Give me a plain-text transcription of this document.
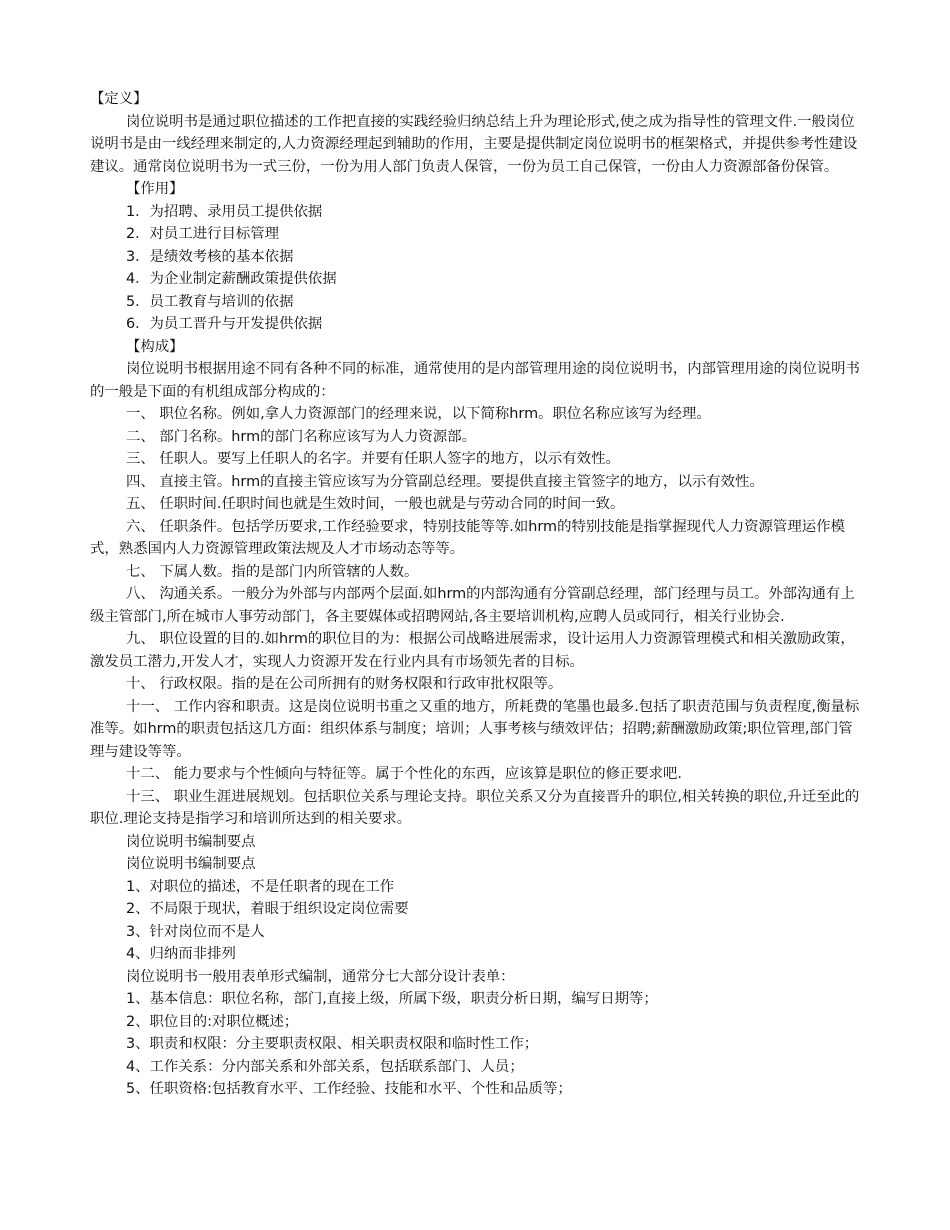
【定义】

岗位说明书是通过职位描述的工作把直接的实践经验归纳总结上升为理论形式,使之成为指导性的管理文件.一般岗位说明书是由一线经理来制定的,人力资源经理起到辅助的作用，主要是提供制定岗位说明书的框架格式，并提供参考性建设建议。通常岗位说明书为一式三份，一份为用人部门负责人保管，一份为员工自己保管，一份由人力资源部备份保管。

【作用】

1．为招聘、录用员工提供依据
2．对员工进行目标管理
3．是绩效考核的基本依据
4．为企业制定薪酬政策提供依据
5．员工教育与培训的依据
6．为员工晋升与开发提供依据

【构成】

岗位说明书根据用途不同有各种不同的标准，通常使用的是内部管理用途的岗位说明书，内部管理用途的岗位说明书的一般是下面的有机组成部分构成的：

一、 职位名称。例如,拿人力资源部门的经理来说，以下简称hrm。职位名称应该写为经理。

二、 部门名称。hrm的部门名称应该写为人力资源部。

三、 任职人。要写上任职人的名字。并要有任职人签字的地方，以示有效性。

四、 直接主管。hrm的直接主管应该写为分管副总经理。要提供直接主管签字的地方，以示有效性。

五、 任职时间.任职时间也就是生效时间，一般也就是与劳动合同的时间一致。

六、 任职条件。包括学历要求,工作经验要求，特别技能等等.如hrm的特别技能是指掌握现代人力资源管理运作模式，熟悉国内人力资源管理政策法规及人才市场动态等等。

七、 下属人数。指的是部门内所管辖的人数。

八、 沟通关系。一般分为外部与内部两个层面.如hrm的内部沟通有分管副总经理，部门经理与员工。外部沟通有上级主管部门,所在城市人事劳动部门，各主要媒体或招聘网站,各主要培训机构,应聘人员或同行，相关行业协会.

九、 职位设置的目的.如hrm的职位目的为：根据公司战略进展需求，设计运用人力资源管理模式和相关激励政策，激发员工潜力,开发人才，实现人力资源开发在行业内具有市场领先者的目标。

十、 行政权限。指的是在公司所拥有的财务权限和行政审批权限等。

十一、 工作内容和职责。这是岗位说明书重之又重的地方，所耗费的笔墨也最多.包括了职责范围与负责程度,衡量标准等。如hrm的职责包括这几方面：组织体系与制度；培训；人事考核与绩效评估；招聘;薪酬激励政策;职位管理,部门管理与建设等等。

十二、 能力要求与个性倾向与特征等。属于个性化的东西，应该算是职位的修正要求吧.

十三、 职业生涯进展规划。包括职位关系与理论支持。职位关系又分为直接晋升的职位,相关转换的职位,升迁至此的职位.理论支持是指学习和培训所达到的相关要求。

岗位说明书编制要点

岗位说明书编制要点

1、对职位的描述，不是任职者的现在工作

2、不局限于现状，着眼于组织设定岗位需要

3、针对岗位而不是人

4、归纳而非排列

岗位说明书一般用表单形式编制，通常分七大部分设计表单：

1、基本信息：职位名称，部门,直接上级，所属下级，职责分析日期，编写日期等；

2、职位目的:对职位概述；

3、职责和权限：分主要职责权限、相关职责权限和临时性工作；

4、工作关系：分内部关系和外部关系，包括联系部门、人员；

5、任职资格:包括教育水平、工作经验、技能和水平、个性和品质等；
